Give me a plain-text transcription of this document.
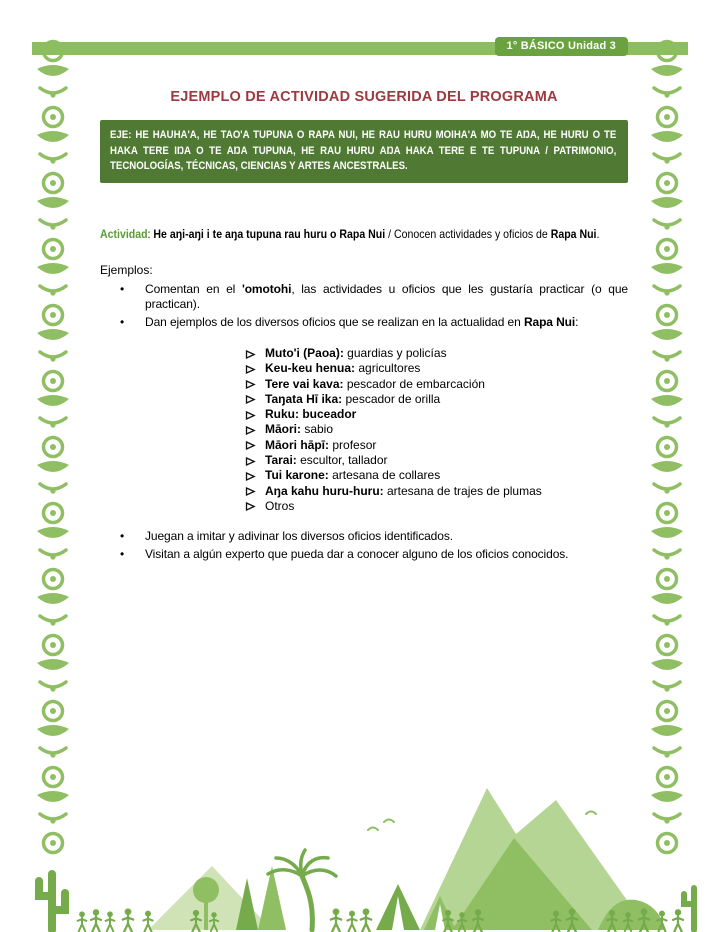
1° BÁSICO Unidad 3
EJEMPLO DE ACTIVIDAD SUGERIDA DEL PROGRAMA
EJE: HE HAUHA'A, HE TAO'A TUPUNA O RAPA NUI, HE RAU HURU MOIHA'A MO TE AŊA, HE HURU O TE HAKA TERE IŊA O TE AŊA TUPUNA, HE RAU HURU AŊA HAKA TERE E TE TUPUNA / PATRIMONIO, TECNOLOGÍAS, TÉCNICAS, CIENCIAS Y ARTES ANCESTRALES.

Actividad: He aŋi-aŋi i te aŋa tupuna rau huru o Rapa Nui / Conocen actividades y oficios de Rapa Nui.

Ejemplos:

•	Comentan en el 'omotohi, las actividades u oficios que les gustaría practicar (o que practican).
•	Dan ejemplos de los diversos oficios que se realizan en la actualidad en Rapa Nui:
Muto'i (Paoa): guardias y policías
Keu-keu henua: agricultores
Tere vai kava: pescador de embarcación
Taŋata Hī ika: pescador de orilla
Ruku: buceador
Māori: sabio
Māori hāpī: profesor
Tarai: escultor, tallador
Tui karone: artesana de collares
Aŋa kahu huru-huru: artesana de trajes de plumas
Otros
•	Juegan a imitar y adivinar los diversos oficios identificados.
•	Visitan a algún experto que pueda dar a conocer alguno de los oficios conocidos.
